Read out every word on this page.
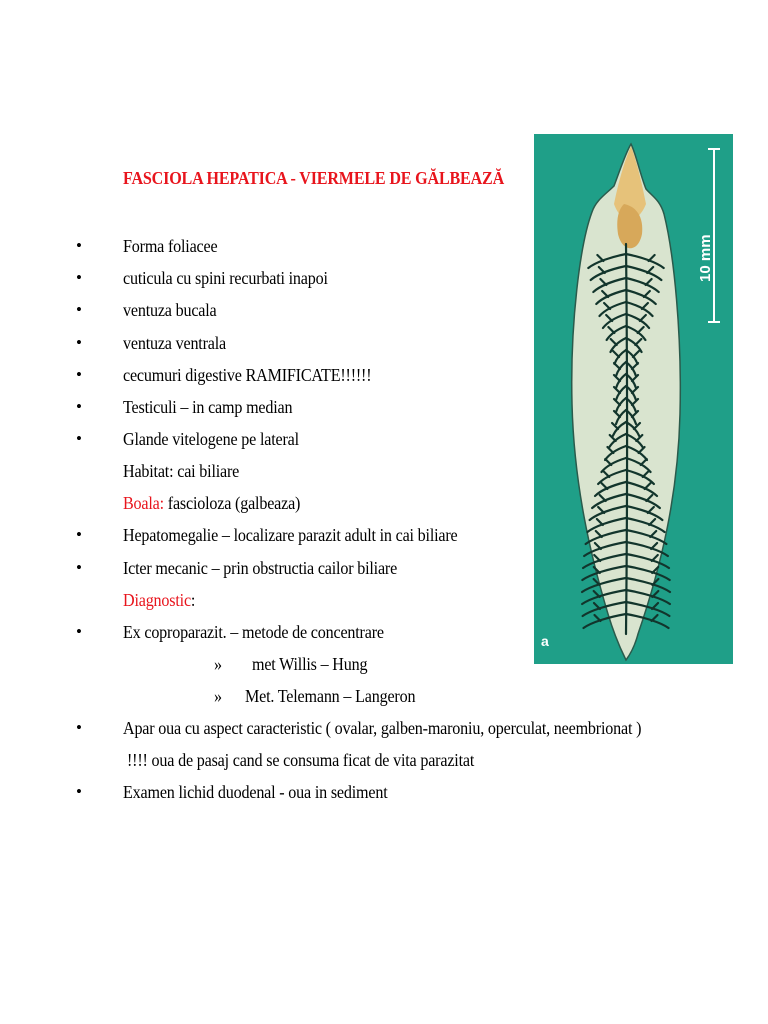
FASCIOLA HEPATICA - VIERMELE DE GĂLBEAZĂ
•
•
•
•
•
•
•
•
•
•
•
•
Forma foliacee
cuticula cu spini recurbati inapoi
ventuza bucala
ventuza ventrala
cecumuri digestive RAMIFICATE!!!!!!
Testiculi – in camp median
Glande vitelogene pe lateral
Habitat: cai biliare
Boala: fascioloza (galbeaza)
Hepatomegalie – localizare parazit adult in cai biliare
Icter mecanic – prin obstructia cailor biliare
Diagnostic:
Ex coproparazit. – metode de concentrare
» met Willis – Hung
» Met. Telemann – Langeron
Apar oua cu aspect caracteristic ( ovalar, galben-maroniu, operculat, neembrionat )
!!!! oua de pasaj cand se consuma ficat de vita parazitat
Examen lichid duodenal - oua in sediment
10 mm
a
